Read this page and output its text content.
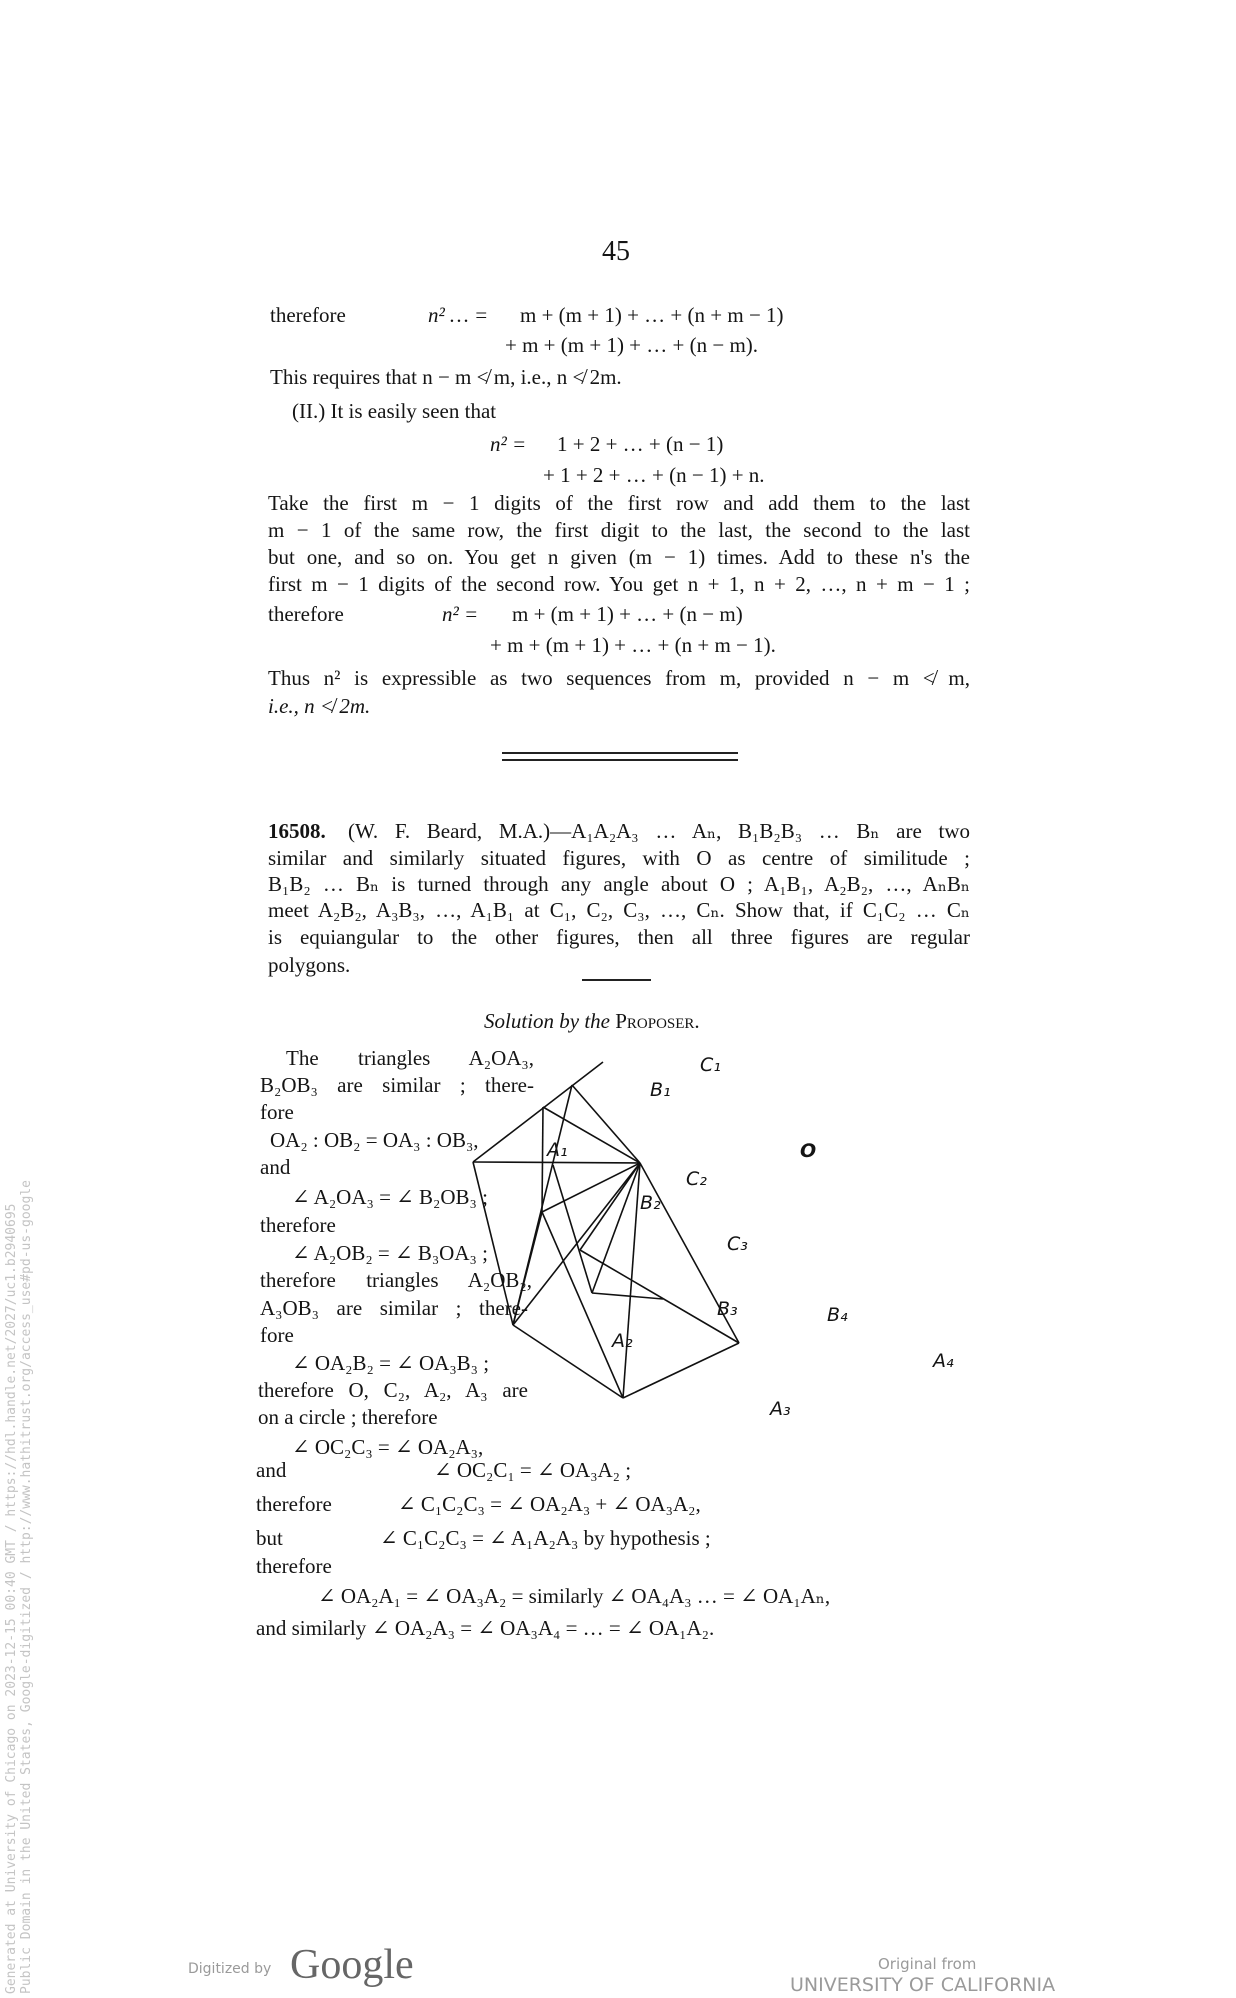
45
therefore	n² … = m + (m + 1) + … + (n + m − 1)
+ m + (m + 1) + … + (n − m).
This requires that n − m ≮ m, i.e., n ≮ 2m.
(II.) It is easily seen that
n² = 1 + 2 + … + (n − 1)
+ 1 + 2 + … + (n − 1) + n.
Take the first m − 1 digits of the first row and add them to the last
m − 1 of the same row, the first digit to the last, the second to the last
but one, and so on. You get n given (m − 1) times. Add to these n's the
first m − 1 digits of the second row. You get n + 1, n + 2, …, n + m − 1 ;
therefore	n² = m + (m + 1) + … + (n − m)
+ m + (m + 1) + … + (n + m − 1).
Thus n² is expressible as two sequences from m, provided n − m ≮ m,
i.e., n ≮ 2m.
16508. (W. F. Beard, M.A.)—A₁A₂A₃ … Aₙ, B₁B₂B₃ … Bₙ are two
similar and similarly situated figures, with O as centre of similitude ;
B₁B₂ … Bₙ is turned through any angle about O ; A₁B₁, A₂B₂, …, AₙBₙ
meet A₂B₂, A₃B₃, …, A₁B₁ at C₁, C₂, C₃, …, Cₙ. Show that, if C₁C₂ … Cₙ
is equiangular to the other figures, then all three figures are regular
polygons.
Solution by the Proposer.
The triangles A₂OA₃,
B₂OB₃ are similar ; there-
fore
OA₂ : OB₂ = OA₃ : OB₃,
and
∠ A₂OA₃ = ∠ B₂OB₃ ;
therefore
∠ A₂OB₂ = ∠ B₃OA₃ ;
therefore triangles A₂OB₂,
A₃OB₃ are similar ; there-
fore
∠ OA₂B₂ = ∠ OA₃B₃ ;
therefore O, C₂, A₂, A₃ are
on a circle ; therefore
∠ OC₂C₃ = ∠ OA₂A₃,
C₁
B₁
A₁	O
C₂
B₂
C₃
B₃	B₄
A₂
A₃
A₄
and	∠ OC₂C₁ = ∠ OA₃A₂ ;
therefore	∠ C₁C₂C₃ = ∠ OA₂A₃ + ∠ OA₃A₂,
but	∠ C₁C₂C₃ = ∠ A₁A₂A₃ by hypothesis ;
therefore
∠ OA₂A₁ = ∠ OA₃A₂ = similarly ∠ OA₄A₃ … = ∠ OA₁Aₙ,
and similarly ∠ OA₂A₃ = ∠ OA₃A₄ = … = ∠ OA₁A₂.
Generated at University of Chicago on 2023-12-15 00:40 GMT / https://hdl.handle.net/2027/uc1.b2940695 Public Domain in the United States, Google-digitized / http://www.hathitrust.org/access_use#pd-us-google	Digitized by Google	Original from
UNIVERSITY OF CALIFORNIA
